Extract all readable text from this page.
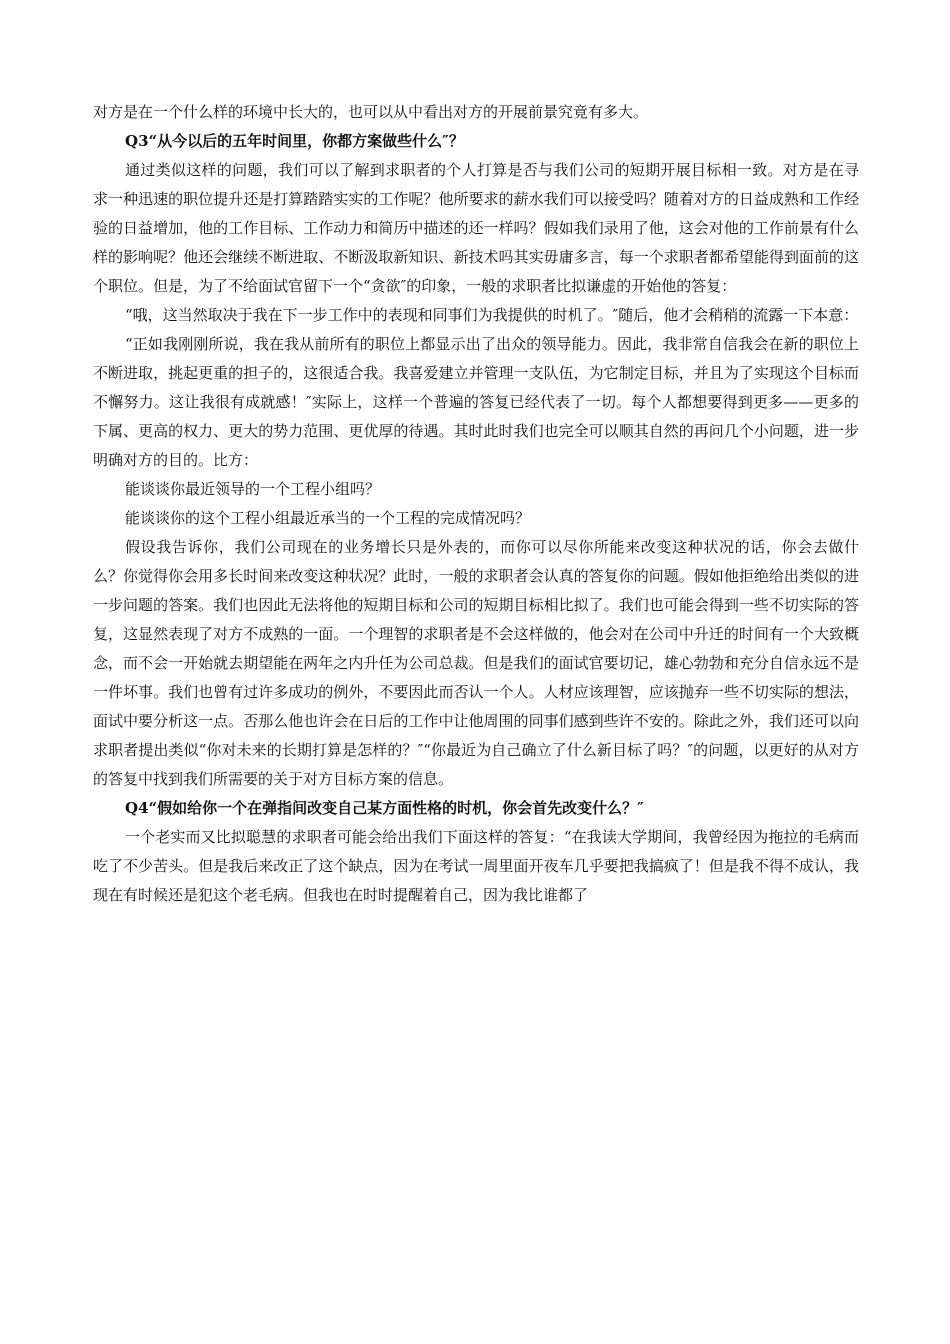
对方是在一个什么样的环境中长大的，也可以从中看出对方的开展前景究竟有多大。

Q3“从今以后的五年时间里，你都方案做些什么″？

通过类似这样的问题，我们可以了解到求职者的个人打算是否与我们公司的短期开展目标相一致。对方是在寻求一种迅速的职位提升还是打算踏踏实实的工作呢？他所要求的薪水我们可以接受吗？随着对方的日益成熟和工作经验的日益增加，他的工作目标、工作动力和简历中描述的还一样吗？假如我们录用了他，这会对他的工作前景有什么样的影响呢？他还会继续不断进取、不断汲取新知识、新技术吗其实毋庸多言，每一个求职者都希望能得到面前的这个职位。但是，为了不给面试官留下一个“贪欲″的印象，一般的求职者比拟谦虚的开始他的答复：

“哦，这当然取决于我在下一步工作中的表现和同事们为我提供的时机了。″随后，他才会稍稍的流露一下本意：

“正如我刚刚所说，我在我从前所有的职位上都显示出了出众的领导能力。因此，我非常自信我会在新的职位上不断进取，挑起更重的担子的，这很适合我。我喜爱建立并管理一支队伍，为它制定目标，并且为了实现这个目标而不懈努力。这让我很有成就感！″实际上，这样一个普遍的答复已经代表了一切。每个人都想要得到更多——更多的下属、更高的权力、更大的势力范围、更优厚的待遇。其时此时我们也完全可以顺其自然的再问几个小问题，进一步明确对方的目的。比方：

能谈谈你最近领导的一个工程小组吗？

能谈谈你的这个工程小组最近承当的一个工程的完成情况吗？

假设我告诉你，我们公司现在的业务增长只是外表的，而你可以尽你所能来改变这种状况的话，你会去做什么？你觉得你会用多长时间来改变这种状况？此时，一般的求职者会认真的答复你的问题。假如他拒绝给出类似的进一步问题的答案。我们也因此无法将他的短期目标和公司的短期目标相比拟了。我们也可能会得到一些不切实际的答复，这显然表现了对方不成熟的一面。一个理智的求职者是不会这样做的，他会对在公司中升迁的时间有一个大致概念，而不会一开始就去期望能在两年之内升任为公司总裁。但是我们的面试官要切记，雄心勃勃和充分自信永远不是一件坏事。我们也曾有过许多成功的例外，不要因此而否认一个人。人材应该理智，应该抛弃一些不切实际的想法，面试中要分析这一点。否那么他也许会在日后的工作中让他周围的同事们感到些许不安的。除此之外，我们还可以向求职者提出类似“你对未来的长期打算是怎样的？″“你最近为自己确立了什么新目标了吗？″的问题，以更好的从对方的答复中找到我们所需要的关于对方目标方案的信息。

Q4“假如给你一个在弹指间改变自己某方面性格的时机，你会首先改变什么？″

一个老实而又比拟聪慧的求职者可能会给出我们下面这样的答复：“在我读大学期间，我曾经因为拖拉的毛病而吃了不少苦头。但是我后来改正了这个缺点，因为在考试一周里面开夜车几乎要把我搞疯了！但是我不得不成认，我现在有时候还是犯这个老毛病。但我也在时时提醒着自己，因为我比谁都了
